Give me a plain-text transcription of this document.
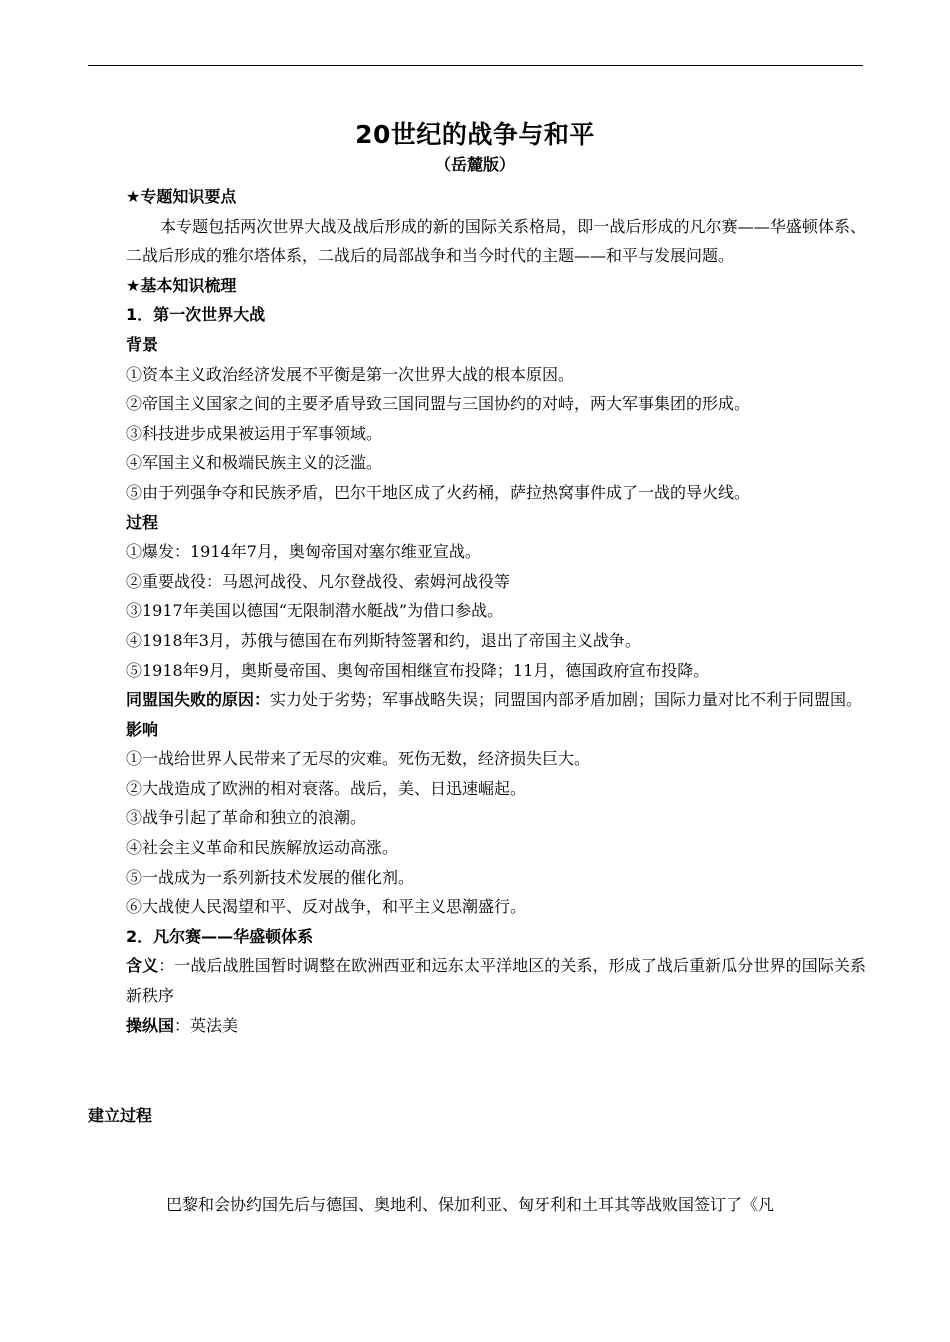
20世纪的战争与和平
（岳麓版）

★专题知识要点

本专题包括两次世界大战及战后形成的新的国际关系格局，即一战后形成的凡尔赛——华盛顿体系、二战后形成的雅尔塔体系，二战后的局部战争和当今时代的主题——和平与发展问题。

★基本知识梳理

1．第一次世界大战

背景

①资本主义政治经济发展不平衡是第一次世界大战的根本原因。

②帝国主义国家之间的主要矛盾导致三国同盟与三国协约的对峙，两大军事集团的形成。

③科技进步成果被运用于军事领域。

④军国主义和极端民族主义的泛滥。

⑤由于列强争夺和民族矛盾，巴尔干地区成了火药桶，萨拉热窝事件成了一战的导火线。

过程

①爆发：1914年7月，奥匈帝国对塞尔维亚宣战。

②重要战役：马恩河战役、凡尔登战役、索姆河战役等

③1917年美国以德国“无限制潜水艇战”为借口参战。

④1918年3月，苏俄与德国在布列斯特签署和约，退出了帝国主义战争。

⑤1918年9月，奥斯曼帝国、奥匈帝国相继宣布投降；11月，德国政府宣布投降。

同盟国失败的原因：实力处于劣势；军事战略失误；同盟国内部矛盾加剧；国际力量对比不利于同盟国。

影响

①一战给世界人民带来了无尽的灾难。死伤无数，经济损失巨大。

②大战造成了欧洲的相对衰落。战后，美、日迅速崛起。

③战争引起了革命和独立的浪潮。

④社会主义革命和民族解放运动高涨。

⑤一战成为一系列新技术发展的催化剂。

⑥大战使人民渴望和平、反对战争，和平主义思潮盛行。

2．凡尔赛——华盛顿体系

含义：一战后战胜国暂时调整在欧洲西亚和远东太平洋地区的关系，形成了战后重新瓜分世界的国际关系新秩序

操纵国：英法美

建立过程
巴黎和会协约国先后与德国、奥地利、保加利亚、匈牙利和土耳其等战败国签订了《凡
